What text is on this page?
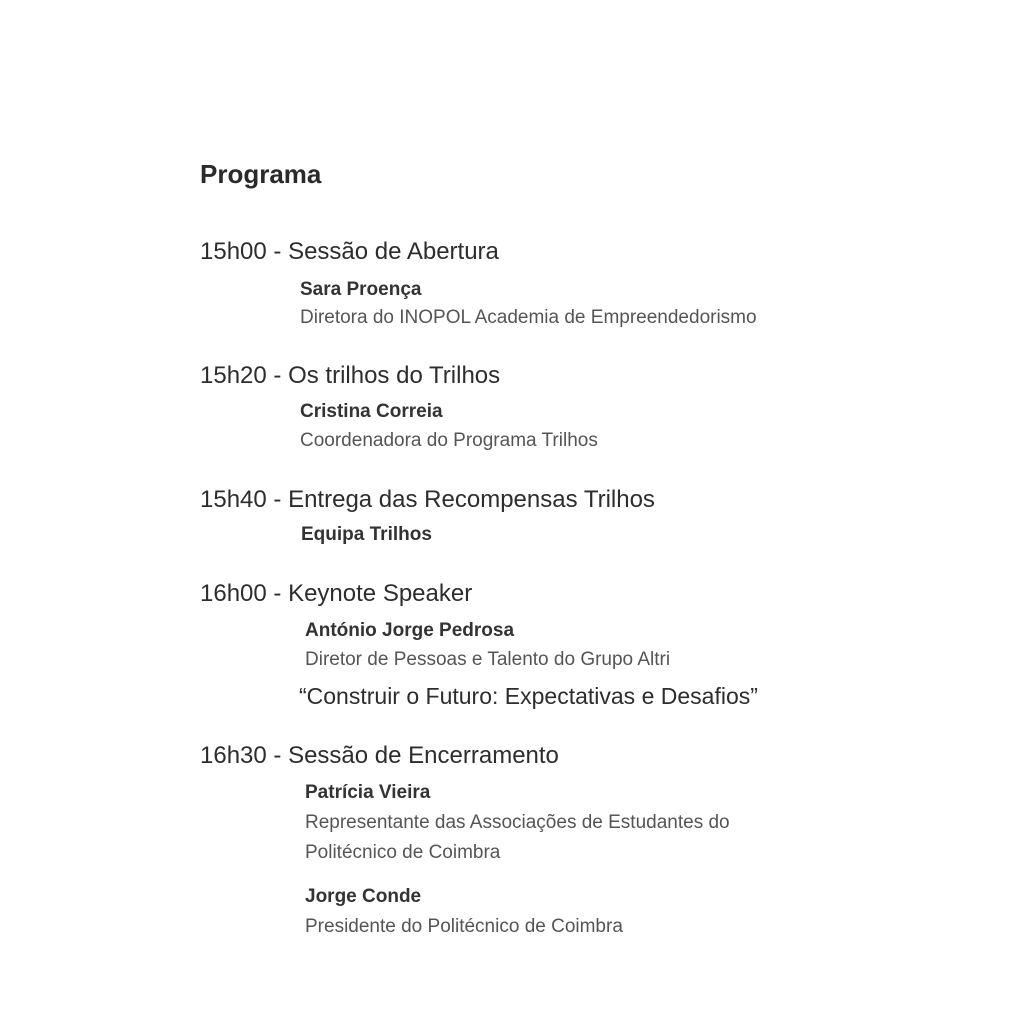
Programa
15h00 - Sessão de Abertura
Sara Proença
Diretora do INOPOL Academia de Empreendedorismo
15h20 - Os trilhos do Trilhos
Cristina Correia
Coordenadora do Programa Trilhos
15h40 - Entrega das Recompensas Trilhos
Equipa Trilhos
16h00 - Keynote Speaker
António Jorge Pedrosa
Diretor de Pessoas e Talento do Grupo Altri
“Construir o Futuro: Expectativas e Desafios”
16h30 - Sessão de Encerramento
Patrícia Vieira
Representante das Associações de Estudantes do
Politécnico de Coimbra
Jorge Conde
Presidente do Politécnico de Coimbra
